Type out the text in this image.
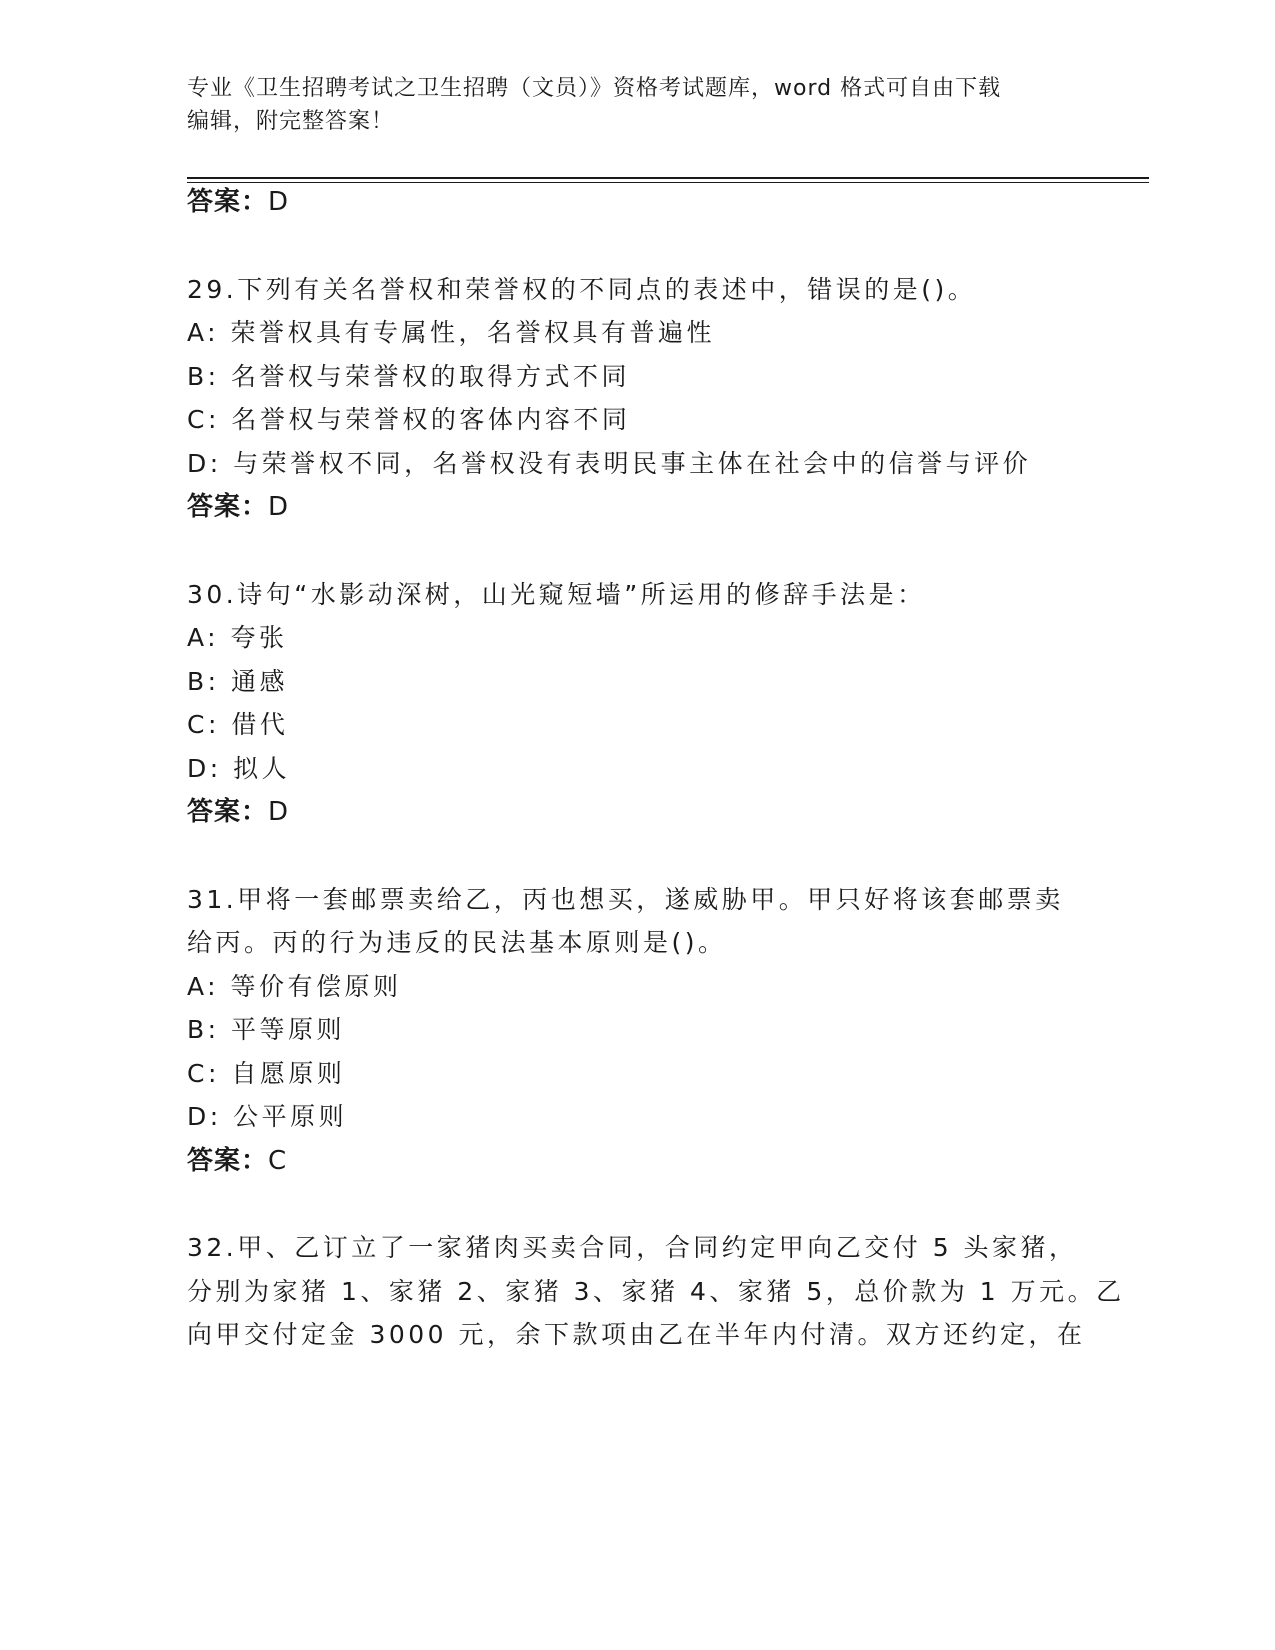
专业《卫生招聘考试之卫生招聘（文员）》资格考试题库，word 格式可自由下载
编辑，附完整答案！
答案：D
29.下列有关名誉权和荣誉权的不同点的表述中，错误的是()。
A: 荣誉权具有专属性，名誉权具有普遍性
B: 名誉权与荣誉权的取得方式不同
C: 名誉权与荣誉权的客体内容不同
D: 与荣誉权不同，名誉权没有表明民事主体在社会中的信誉与评价
答案：D
30.诗句“水影动深树，山光窥短墙”所运用的修辞手法是：
A: 夸张
B: 通感
C: 借代
D: 拟人
答案：D
31.甲将一套邮票卖给乙，丙也想买，遂威胁甲。甲只好将该套邮票卖
给丙。丙的行为违反的民法基本原则是()。
A: 等价有偿原则
B: 平等原则
C: 自愿原则
D: 公平原则
答案：C
32.甲、乙订立了一家猪肉买卖合同，合同约定甲向乙交付 5 头家猪，
分别为家猪 1、家猪 2、家猪 3、家猪 4、家猪 5，总价款为 1 万元。乙
向甲交付定金 3000 元，余下款项由乙在半年内付清。双方还约定，在
